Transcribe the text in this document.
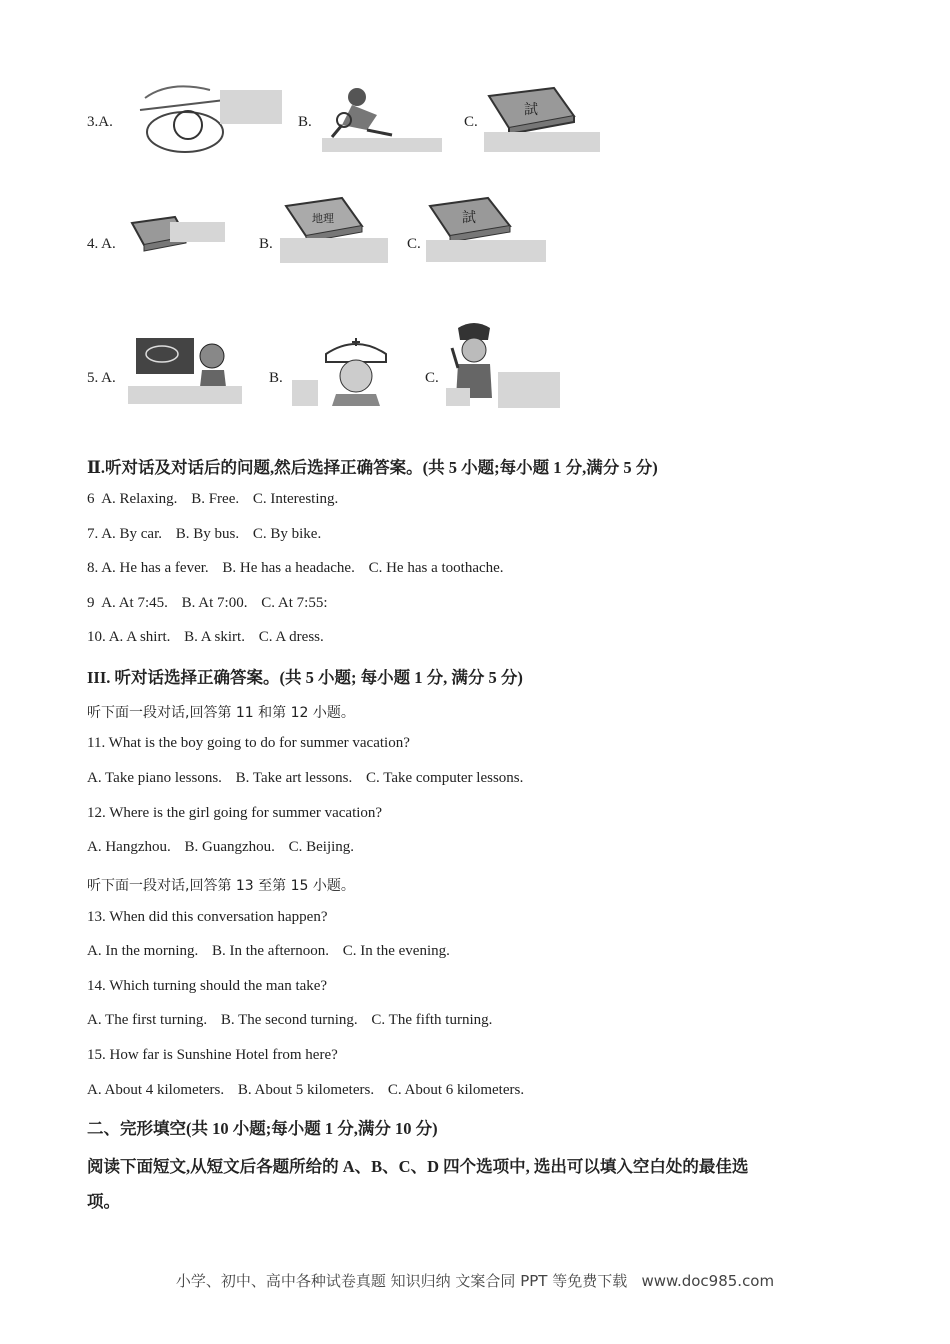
3.A.	B.	C.
試
4. A.	B.
地理
C.
試
5. A.	B.	C.
Ⅱ.听对话及对话后的问题,然后选择正确答案。(共 5 小题;每小题 1 分,满分 5 分)
6 A. Relaxing. B. Free. C. Interesting.
7. A. By car. B. By bus. C. By bike.
8. A. He has a fever. B. He has a headache. C. He has a toothache.
9 A. At 7:45. B. At 7:00. C. At 7:55:
10. A. A shirt. B. A skirt. C. A dress.
III. 听对话选择正确答案。(共 5 小题; 每小题 1 分, 满分 5 分)
听下面一段对话,回答第 11 和第 12 小题。
11. What is the boy going to do for summer vacation?
A. Take piano lessons. B. Take art lessons. C. Take computer lessons.
12. Where is the girl going for summer vacation?
A. Hangzhou. B. Guangzhou. C. Beijing.
听下面一段对话,回答第 13 至第 15 小题。
13. When did this conversation happen?
A. In the morning. B. In the afternoon. C. In the evening.
14. Which turning should the man take?
A. The first turning. B. The second turning. C. The fifth turning.
15. How far is Sunshine Hotel from here?
A. About 4 kilometers. B. About 5 kilometers. C. About 6 kilometers.
二、完形填空(共 10 小题;每小题 1 分,满分 10 分)
阅读下面短文,从短文后各题所给的 A、B、C、D 四个选项中, 选出可以填入空白处的最佳选
项。
小学、初中、高中各种试卷真题 知识归纳 文案合同 PPT 等免费下载   www.doc985.com
